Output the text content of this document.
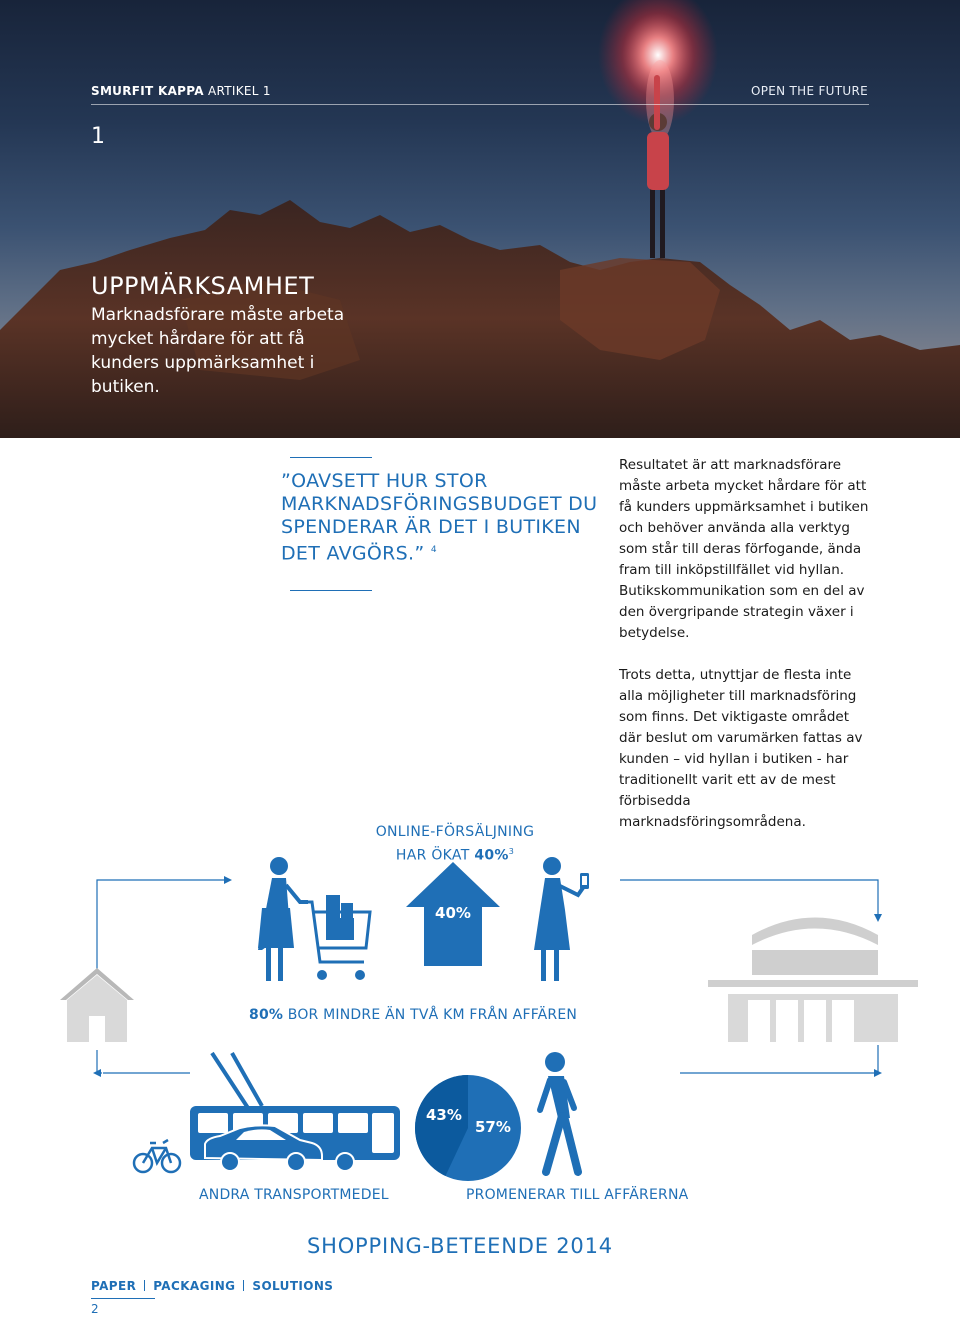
SMURFIT KAPPA ARTIKEL 1	OPEN THE FUTURE
1
UPPMÄRKSAMHET
Marknadsförare måste arbeta mycket hårdare för att få kunders uppmärksamhet i butiken.
”OAVSETT HUR STOR MARKNADSFÖRINGSBUDGET DU SPENDERAR ÄR DET I BUTIKEN DET AVGÖRS.” $^4$
Resultatet är att marknadsförare måste arbeta mycket hårdare för att få kunders uppmärksamhet i butiken och behöver använda alla verktyg som står till deras förfogande, ända fram till inköpstillfället vid hyllan. Butikskommunikation som en del av den övergripande strategin växer i betydelse.
Trots detta, utnyttjar de flesta inte alla möjligheter till marknadsföring som finns. Det viktigaste området där beslut om varumärken fattas av kunden – vid hyllan i butiken - har traditionellt varit ett av de mest förbisedda marknadsföringsområdena.
ONLINE-FÖRSÄLJNING
HAR ÖKAT 40%$^3$
40%
80% BOR MINDRE ÄN TVÅ KM FRÅN AFFÄREN
43%
57%
ANDRA TRANSPORTMEDEL	PROMENERAR TILL AFFÄRERNA
SHOPPING-BETEENDE 2014
PAPER PACKAGING SOLUTIONS
2
